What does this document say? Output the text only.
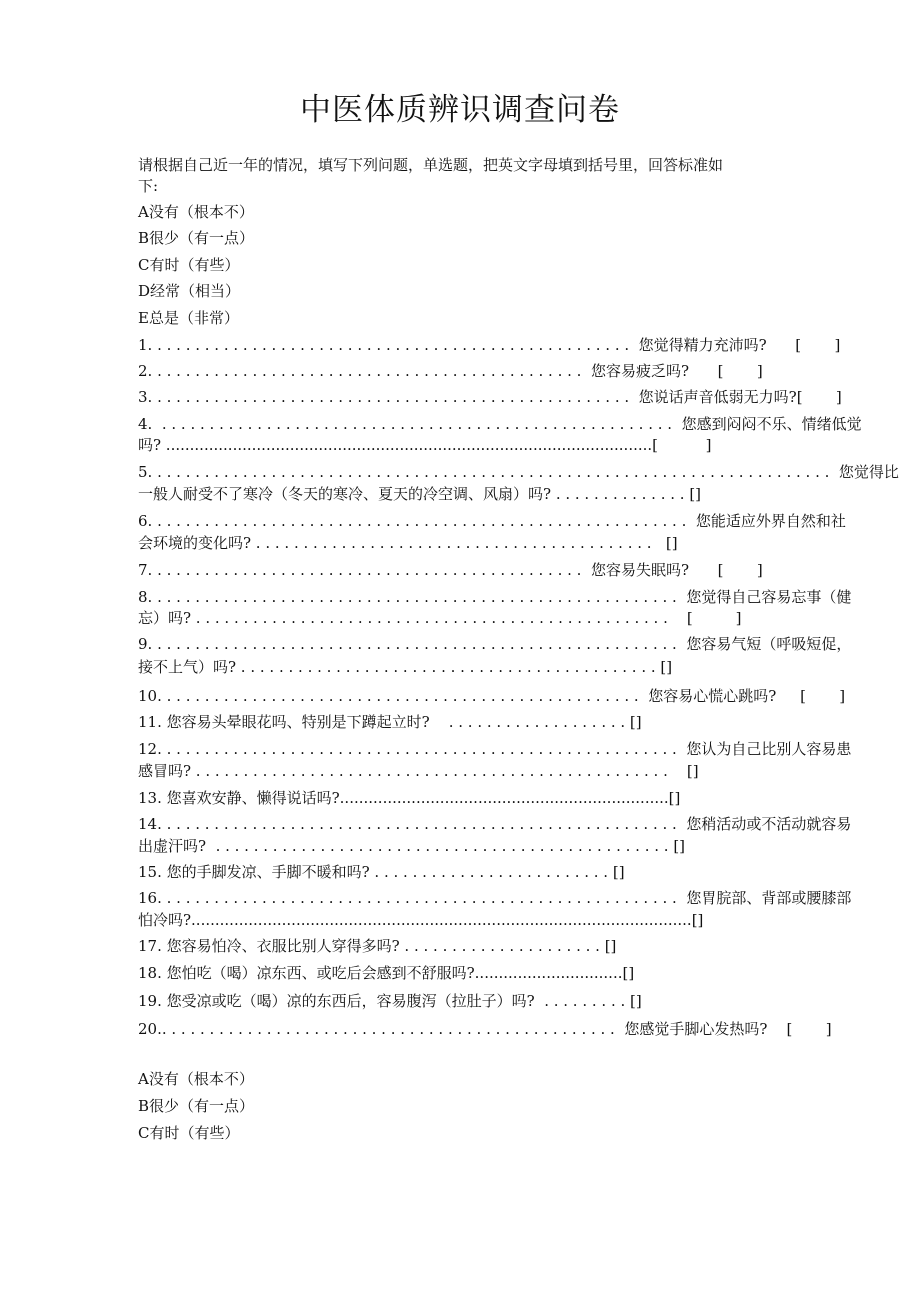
中医体质辨识调查问卷
请根据自己近一年的情况，填写下列问题，单选题，把英文字母填到括号里，回答标准如
下:
A没有（根本不）
B很少（有一点）
C有时（有些）
D经常（相当）
E总是（非常）
1. . . . . . . . . . . . . . . . . . . . . . . . . . . . . . . . . . . . . . . . . . . . . . . . . . .  您觉得精力充沛吗?      [       ]
2. . . . . . . . . . . . . . . . . . . . . . . . . . . . . . . . . . . . . . . . . . . . . .  您容易疲乏吗?      [       ]
3. . . . . . . . . . . . . . . . . . . . . . . . . . . . . . . . . . . . . . . . . . . . . . . . . . .  您说话声音低弱无力吗?[       ]
4.  . . . . . . . . . . . . . . . . . . . . . . . . . . . . . . . . . . . . . . . . . . . . . . . . . . . . . .  您感到闷闷不乐、情绪低觉
吗? ......................................................................................................[          ]
5. . . . . . . . . . . . . . . . . . . . . . . . . . . . . . . . . . . . . . . . . . . . . . . . . . . . . . . . . . . . . . . . . . . . . . . .  您觉得比
一般人耐受不了寒冷（冬天的寒冷、夏天的冷空调、风扇）吗? . . . . . . . . . . . . . . []
6. . . . . . . . . . . . . . . . . . . . . . . . . . . . . . . . . . . . . . . . . . . . . . . . . . . . . . . . .  您能适应外界自然和社
会环境的变化吗? . . . . . . . . . . . . . . . . . . . . . . . . . . . . . . . . . . . . . . . . . .   []
7. . . . . . . . . . . . . . . . . . . . . . . . . . . . . . . . . . . . . . . . . . . . . .  您容易失眠吗?      [       ]
8. . . . . . . . . . . . . . . . . . . . . . . . . . . . . . . . . . . . . . . . . . . . . . . . . . . . . . . .  您觉得自己容易忘事（健
忘）吗? . . . . . . . . . . . . . . . . . . . . . . . . . . . . . . . . . . . . . . . . . . . . . . . . . .    [         ]
9. . . . . . . . . . . . . . . . . . . . . . . . . . . . . . . . . . . . . . . . . . . . . . . . . . . . . . . .  您容易气短（呼吸短促，
接不上气）吗? . . . . . . . . . . . . . . . . . . . . . . . . . . . . . . . . . . . . . . . . . . . . []
10. . . . . . . . . . . . . . . . . . . . . . . . . . . . . . . . . . . . . . . . . . . . . . . . . . .  您容易心慌心跳吗?     [       ]
11. 您容易头晕眼花吗、特别是下蹲起立时?    . . . . . . . . . . . . . . . . . . . []
12. . . . . . . . . . . . . . . . . . . . . . . . . . . . . . . . . . . . . . . . . . . . . . . . . . . . . . .  您认为自己比别人容易患
感冒吗? . . . . . . . . . . . . . . . . . . . . . . . . . . . . . . . . . . . . . . . . . . . . . . . . . .    []
13. 您喜欢安静、懒得说话吗?.....................................................................[]
14. . . . . . . . . . . . . . . . . . . . . . . . . . . . . . . . . . . . . . . . . . . . . . . . . . . . . . .  您稍活动或不活动就容易
出虚汗吗?  . . . . . . . . . . . . . . . . . . . . . . . . . . . . . . . . . . . . . . . . . . . . . . . . []
15. 您的手脚发凉、手脚不暖和吗? . . . . . . . . . . . . . . . . . . . . . . . . . []
16. . . . . . . . . . . . . . . . . . . . . . . . . . . . . . . . . . . . . . . . . . . . . . . . . . . . . . .  您胃脘部、背部或腰膝部
怕冷吗?.........................................................................................................[]
17. 您容易怕冷、衣服比别人穿得多吗? . . . . . . . . . . . . . . . . . . . . . []
18. 您怕吃（喝）凉东西、或吃后会感到不舒服吗?...............................[]
19. 您受凉或吃（喝）凉的东西后，容易腹泻（拉肚子）吗?  . . . . . . . . . []
20.. . . . . . . . . . . . . . . . . . . . . . . . . . . . . . . . . . . . . . . . . . . . . . . .  您感觉手脚心发热吗?    [       ]
A没有（根本不）
B很少（有一点）
C有时（有些）
